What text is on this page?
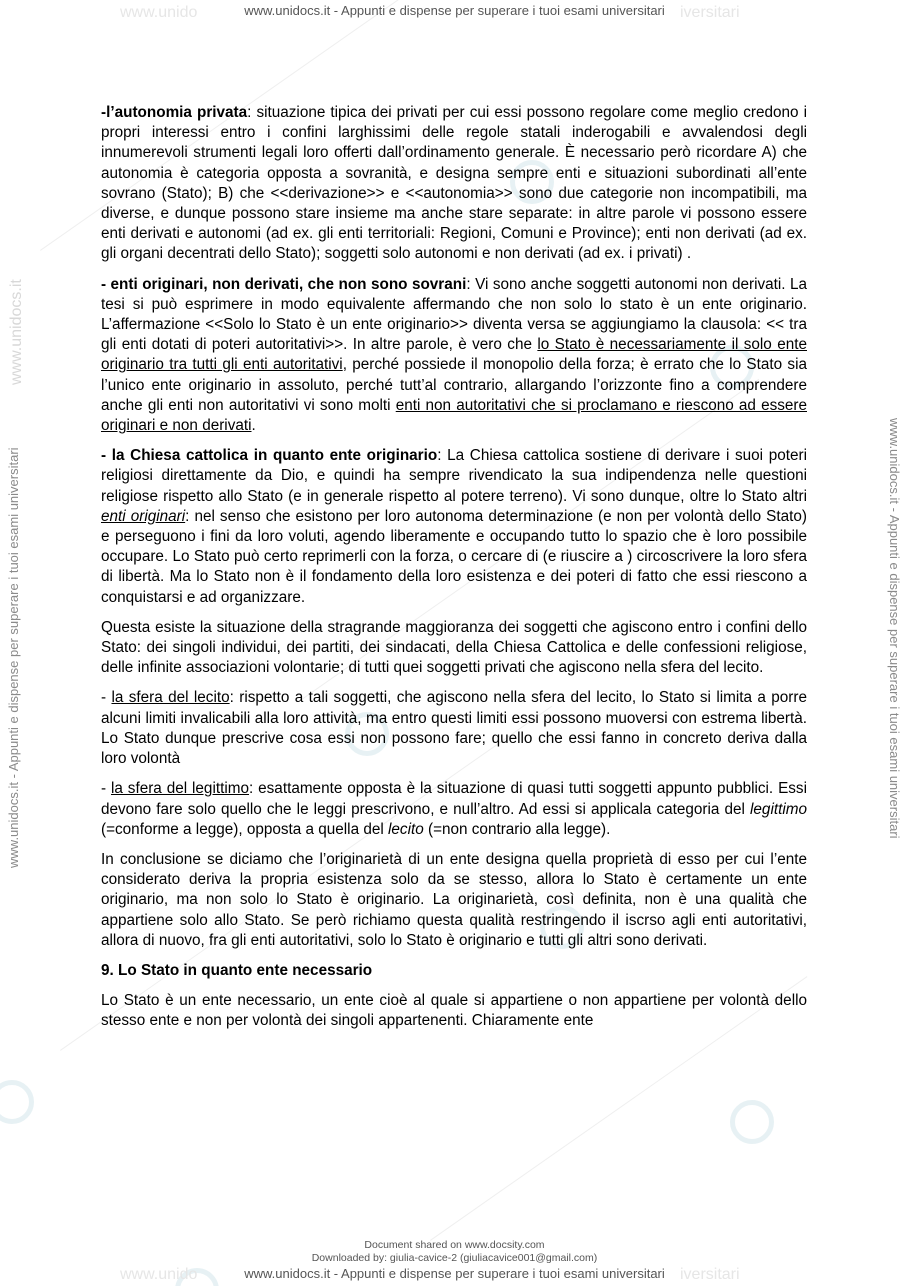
www.unido	iversitari
www.unido	iversitari
www.unidocs.it - Appunti e dispense per superare i tuoi esami universitari
www.unidocs.it - Appunti e dispense per superare i tuoi esami universitari
www.unidocs.it - Appunti e dispense per superare i tuoi esami universitari
www.unidocs.it
www.unidocs.it - Appunti e dispense per superare i tuoi esami universitari

-l’autonomia privata: situazione tipica dei privati per cui essi possono regolare come meglio credono i propri interessi entro i confini larghissimi delle regole statali inderogabili e avvalendosi degli innumerevoli strumenti legali loro offerti dall’ordinamento generale. È necessario però ricordare A) che autonomia è categoria opposta a sovranità, e designa sempre enti e situazioni subordinati all’ente sovrano (Stato); B) che <<derivazione>> e <<autonomia>> sono due categorie non incompatibili, ma diverse, e dunque possono stare insieme ma anche stare separate: in altre parole vi possono essere enti derivati e autonomi (ad ex. gli enti territoriali: Regioni, Comuni e Province); enti non derivati (ad ex. gli organi decentrati dello Stato); soggetti solo autonomi e non derivati (ad ex. i privati) .

- enti originari, non derivati, che non sono sovrani: Vi sono anche soggetti autonomi non derivati. La tesi si può esprimere in modo equivalente affermando che non solo lo stato è un ente originario. L’affermazione <<Solo lo Stato è un ente originario>> diventa versa se aggiungiamo la clausola: << tra gli enti dotati di poteri autoritativi>>. In altre parole, è vero che lo Stato è necessariamente il solo ente originario tra tutti gli enti autoritativi, perché possiede il monopolio della forza; è errato che lo Stato sia l’unico ente originario in assoluto, perché tutt’al contrario, allargando l’orizzonte fino a comprendere anche gli enti non autoritativi vi sono molti enti non autoritativi che si proclamano e riescono ad essere originari e non derivati.

- la Chiesa cattolica in quanto ente originario: La Chiesa cattolica sostiene di derivare i suoi poteri religiosi direttamente da Dio, e quindi ha sempre rivendicato la sua indipendenza nelle questioni religiose rispetto allo Stato (e in generale rispetto al potere terreno). Vi sono dunque, oltre lo Stato altri enti originari: nel senso che esistono per loro autonoma determinazione (e non per volontà dello Stato) e perseguono i fini da loro voluti, agendo liberamente e occupando tutto lo spazio che è loro possibile occupare. Lo Stato può certo reprimerli con la forza, o cercare di (e riuscire a ) circoscrivere la loro sfera di libertà. Ma lo Stato non è il fondamento della loro esistenza e dei poteri di fatto che essi riescono a conquistarsi e ad organizzare.

Questa esiste la situazione della stragrande maggioranza dei soggetti che agiscono entro i confini dello Stato: dei singoli individui, dei partiti, dei sindacati, della Chiesa Cattolica e delle confessioni religiose, delle infinite associazioni volontarie; di tutti quei soggetti privati che agiscono nella sfera del lecito.

- la sfera del lecito: rispetto a tali soggetti, che agiscono nella sfera del lecito, lo Stato si limita a porre alcuni limiti invalicabili alla loro attività, ma entro questi limiti essi possono muoversi con estrema libertà. Lo Stato dunque prescrive cosa essi non possono fare; quello che essi fanno in concreto deriva dalla loro volontà

- la sfera del legittimo: esattamente opposta è la situazione di quasi tutti soggetti appunto pubblici. Essi devono fare solo quello che le leggi prescrivono, e null’altro. Ad essi si applicala categoria del legittimo (=conforme a legge), opposta a quella del lecito (=non contrario alla legge).

In conclusione se diciamo che l’originarietà di un ente designa quella proprietà di esso per cui l’ente considerato deriva la propria esistenza solo da se stesso, allora lo Stato è certamente un ente originario, ma non solo lo Stato è originario. La originarietà, così definita, non è una qualità che appartiene solo allo Stato. Se però richiamo questa qualità restringendo il iscrso agli enti autoritativi, allora di nuovo, fra gli enti autoritativi, solo lo Stato è originario e tutti gli altri sono derivati.

9. Lo Stato in quanto ente necessario

Lo Stato è un ente necessario, un ente cioè al quale si appartiene o non appartiene per volontà dello stesso ente e non per volontà dei singoli appartenenti. Chiaramente ente

Document shared on www.docsity.com
Downloaded by: giulia-cavice-2 (giuliacavice001@gmail.com)
